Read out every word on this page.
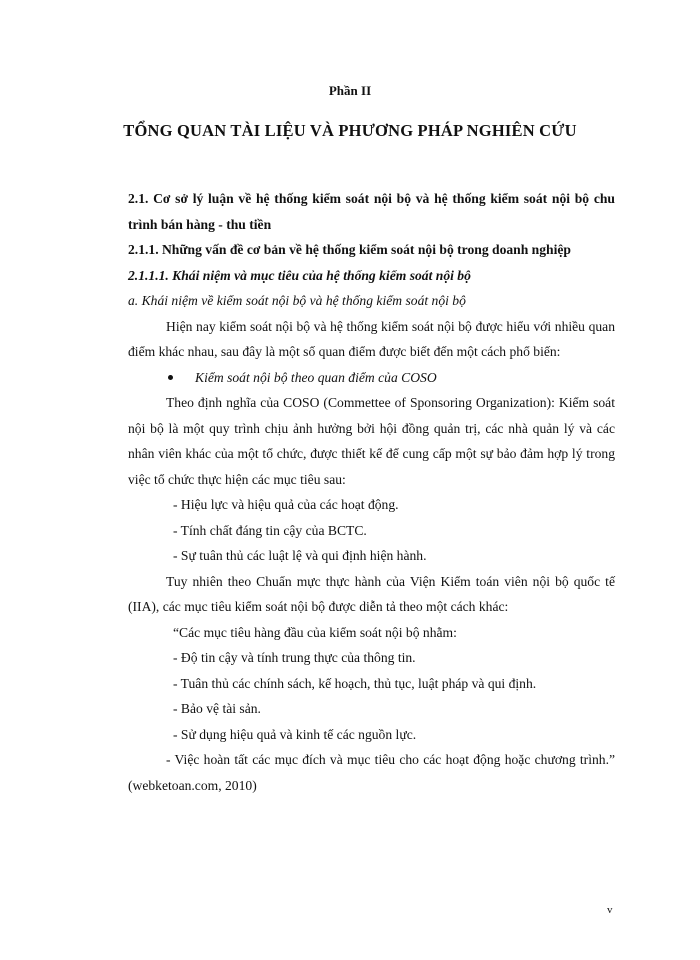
Phần II
TỔNG QUAN TÀI LIỆU VÀ PHƯƠNG PHÁP NGHIÊN CỨU

2.1. Cơ sở lý luận về hệ thống kiểm soát nội bộ và hệ thống kiểm soát nội bộ chu trình bán hàng - thu tiền

2.1.1. Những vấn đề cơ bản về hệ thống kiểm soát nội bộ trong doanh nghiệp

2.1.1.1. Khái niệm và mục tiêu của hệ thống kiểm soát nội bộ

a. Khái niệm về kiểm soát nội bộ và hệ thống kiểm soát nội bộ

Hiện nay kiểm soát nội bộ và hệ thống kiểm soát nội bộ được hiểu với nhiều quan điểm khác nhau, sau đây là một số quan điểm được biết đến một cách phổ biến:

Kiểm soát nội bộ theo quan điểm của COSO

Theo định nghĩa của COSO (Commettee of Sponsoring Organization): Kiểm soát nội bộ là một quy trình chịu ảnh hưởng bởi hội đồng quản trị, các nhà quản lý và các nhân viên khác của một tổ chức, được thiết kế để cung cấp một sự bảo đảm hợp lý trong việc tổ chức thực hiện các mục tiêu sau:

- Hiệu lực và hiệu quả của các hoạt động.

- Tính chất đáng tin cậy của BCTC.

- Sự tuân thủ các luật lệ và qui định hiện hành.

Tuy nhiên theo Chuẩn mực thực hành của Viện Kiểm toán viên nội bộ quốc tế (IIA), các mục tiêu kiểm soát nội bộ được diễn tả theo một cách khác:

“Các mục tiêu hàng đầu của kiểm soát nội bộ nhằm:

- Độ tin cậy và tính trung thực của thông tin.

- Tuân thủ các chính sách, kế hoạch, thủ tục, luật pháp và qui định.

- Bảo vệ tài sản.

- Sử dụng hiệu quả và kinh tế các nguồn lực.

- Việc hoàn tất các mục đích và mục tiêu cho các hoạt động hoặc chương trình.” (webketoan.com, 2010)

v
